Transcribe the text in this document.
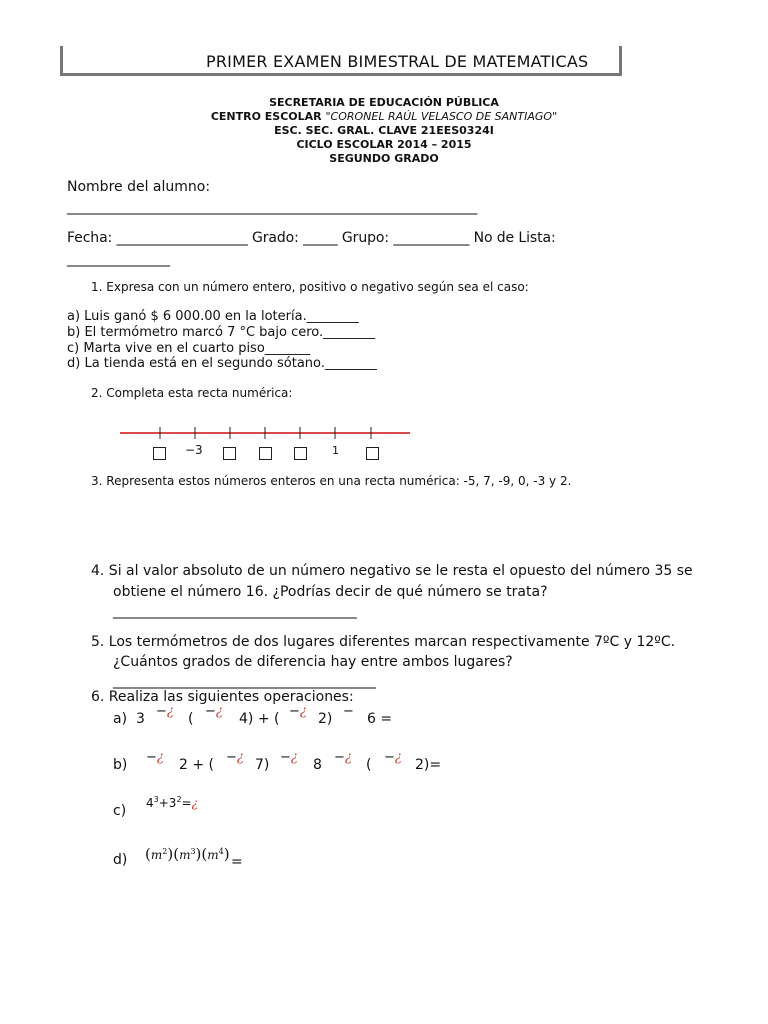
PRIMER EXAMEN BIMESTRAL DE MATEMATICAS
SECRETARIA DE EDUCACIÓN PÚBLICA
CENTRO ESCOLAR "CORONEL RAÚL VELASCO DE SANTIAGO"
ESC. SEC. GRAL. CLAVE 21EES0324I
CICLO ESCOLAR 2014 – 2015
SEGUNDO GRADO
Nombre del alumno:
________________________________________________________________
Fecha: ___________________ Grado: _____ Grupo: ___________ No de Lista:
________________
1. Expresa con un número entero, positivo o negativo según sea el caso:
a) Luis ganó $ 6 000.00 en la lotería.________
b) El termómetro marcó 7 °C bajo cero.________
c) Marta vive en el cuarto piso_______
d) La tienda está en el segundo sótano.________
2. Completa esta recta numérica:
−3	1
3. Representa estos números enteros en una recta numérica: -5, 7, -9, 0, -3 y 2.
4. Si al valor absoluto de un número negativo se le resta el opuesto del número 35 se
obtiene el número 16. ¿Podrías decir de qué número se trata?
______________________________________
5. Los termómetros de dos lugares diferentes marcan respectivamente 7ºC y 12ºC.
¿Cuántos grados de diferencia hay entre ambos lugares?
_________________________________________
6. Realiza las siguientes operaciones:
a) 3 −¿ ( −¿ 4) + ( −¿ 2) − 6 =
b) −¿ 2 + ( −¿ 7) −¿ 8 −¿ ( −¿ 2)=
c) $4^3+3^2=¿$
d) $(m^2)(m^3)(m^4)$ =
